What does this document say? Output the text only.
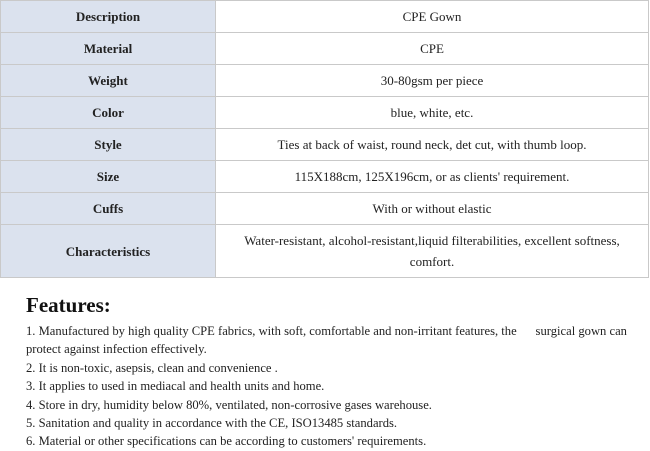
Description	CPE Gown
Material	CPE
Weight	30-80gsm per piece
Color	blue, white, etc.
Style	Ties at back of waist, round neck, det cut, with thumb loop.
Size	115X188cm, 125X196cm, or as clients' requirement.
Cuffs	With or without elastic
Characteristics	Water-resistant, alcohol-resistant,liquid filterabilities, excellent softness, comfort.
Features:
1. Manufactured by high quality CPE fabrics, with soft, comfortable and non-irritant features, the      surgical gown can protect against infection effectively.
2. It is non-toxic, asepsis, clean and convenience .
3. It applies to used in mediacal and health units and home.
4. Store in dry, humidity below 80%, ventilated, non-corrosive gases warehouse.
5. Sanitation and quality in accordance with the CE, ISO13485 standards.
6. Material or other specifications can be according to customers' requirements.
